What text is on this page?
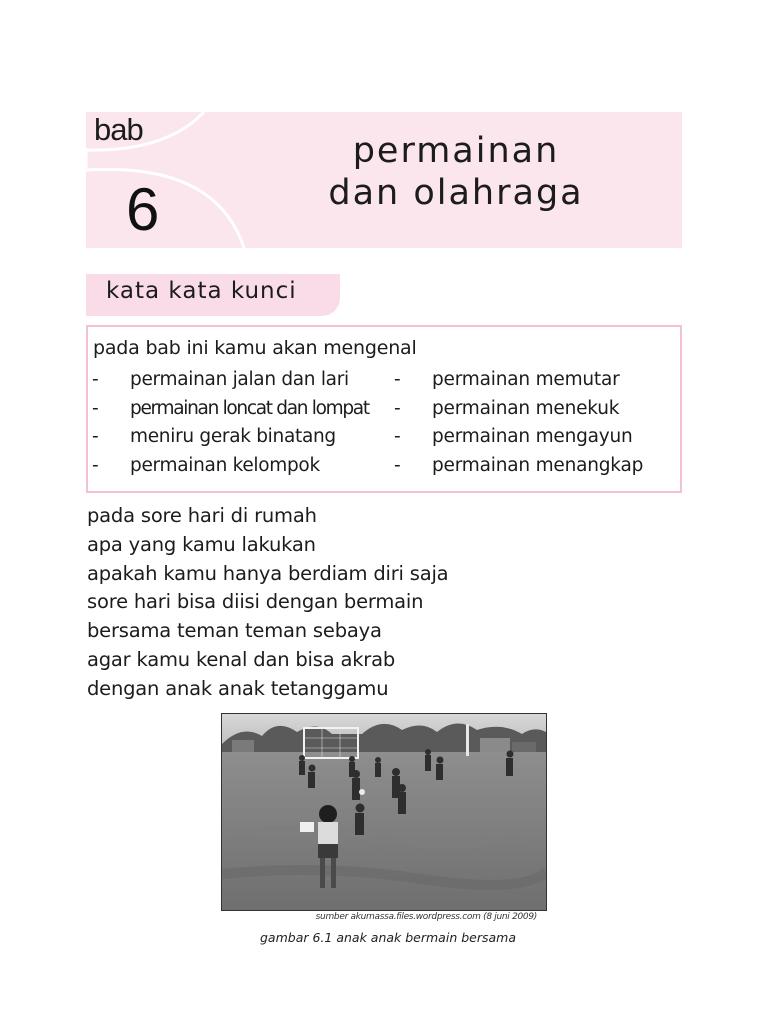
bab
6
permainan
dan olahraga
kata kata kunci
pada bab ini kamu akan mengenal
- permainan jalan dan lari - permainan memutar
- permainan loncat dan lompat - permainan menekuk
- meniru gerak binatang	- permainan mengayun
- permainan kelompok	- permainan menangkap
pada sore hari di rumah
apa yang kamu lakukan
apakah kamu hanya berdiam diri saja
sore hari bisa diisi dengan bermain
bersama teman teman sebaya
agar kamu kenal dan bisa akrab
dengan anak anak tetanggamu
sumber akumassa.files.wordpress.com (8 juni 2009)
gambar 6.1 anak anak bermain bersama
